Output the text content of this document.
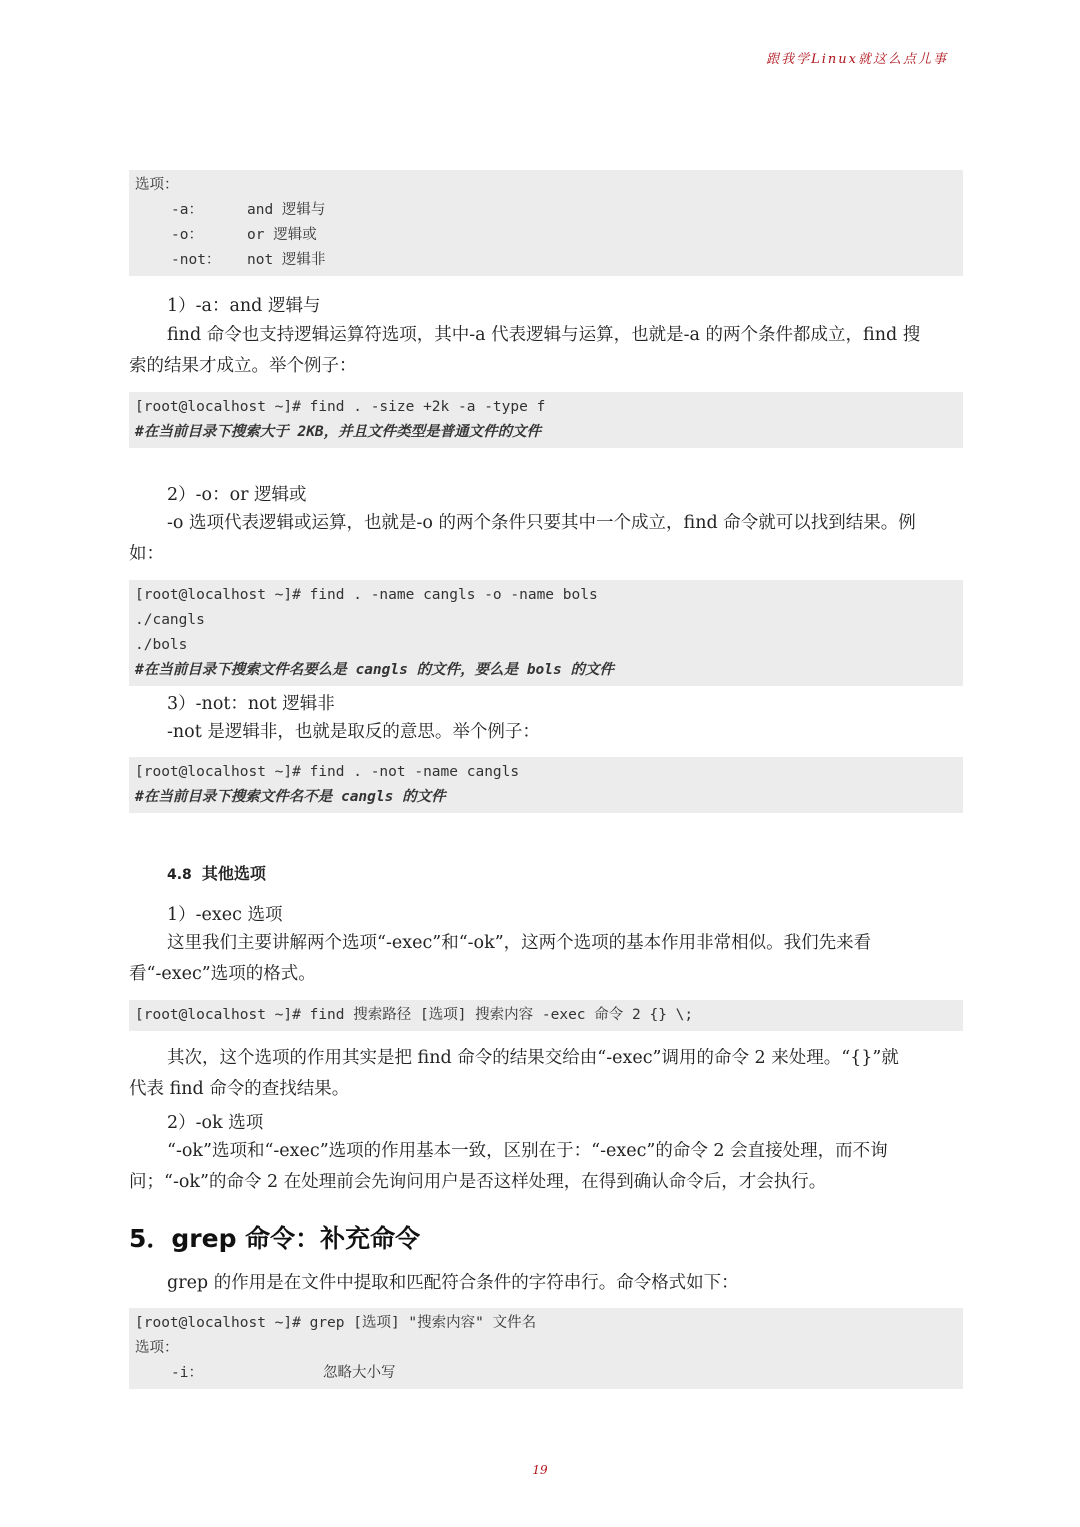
跟我学Linux就这么点儿事
选项：
-a：	and 逻辑与
-o：	or 逻辑或
-not： not 逻辑非
1）-a：and 逻辑与
find 命令也支持逻辑运算符选项，其中-a 代表逻辑与运算，也就是-a 的两个条件都成立，find 搜
索的结果才成立。举个例子：
[root@localhost ~]# find . -size +2k -a -type f
#在当前目录下搜索大于 2KB，并且文件类型是普通文件的文件
2）-o：or 逻辑或
-o 选项代表逻辑或运算，也就是-o 的两个条件只要其中一个成立，find 命令就可以找到结果。例
如：
[root@localhost ~]# find . -name cangls -o -name bols
./cangls
./bols
#在当前目录下搜索文件名要么是 cangls 的文件，要么是 bols 的文件
3）-not：not 逻辑非
-not 是逻辑非，也就是取反的意思。举个例子：
[root@localhost ~]# find . -not -name cangls
#在当前目录下搜索文件名不是 cangls 的文件
4.8 其他选项
1）-exec 选项
这里我们主要讲解两个选项“-exec”和“-ok”，这两个选项的基本作用非常相似。我们先来看
看“-exec”选项的格式。
[root@localhost ~]# find 搜索路径 [选项] 搜索内容 -exec 命令 2 {} \;
其次，这个选项的作用其实是把 find 命令的结果交给由“-exec”调用的命令 2 来处理。“{}”就
代表 find 命令的查找结果。
2）-ok 选项
“-ok”选项和“-exec”选项的作用基本一致，区别在于：“-exec”的命令 2 会直接处理，而不询
问；“-ok”的命令 2 在处理前会先询问用户是否这样处理，在得到确认命令后，才会执行。
5．grep 命令：补充命令
grep 的作用是在文件中提取和匹配符合条件的字符串行。命令格式如下：
[root@localhost ~]# grep [选项] "搜索内容" 文件名
选项：
-i：	忽略大小写
19
